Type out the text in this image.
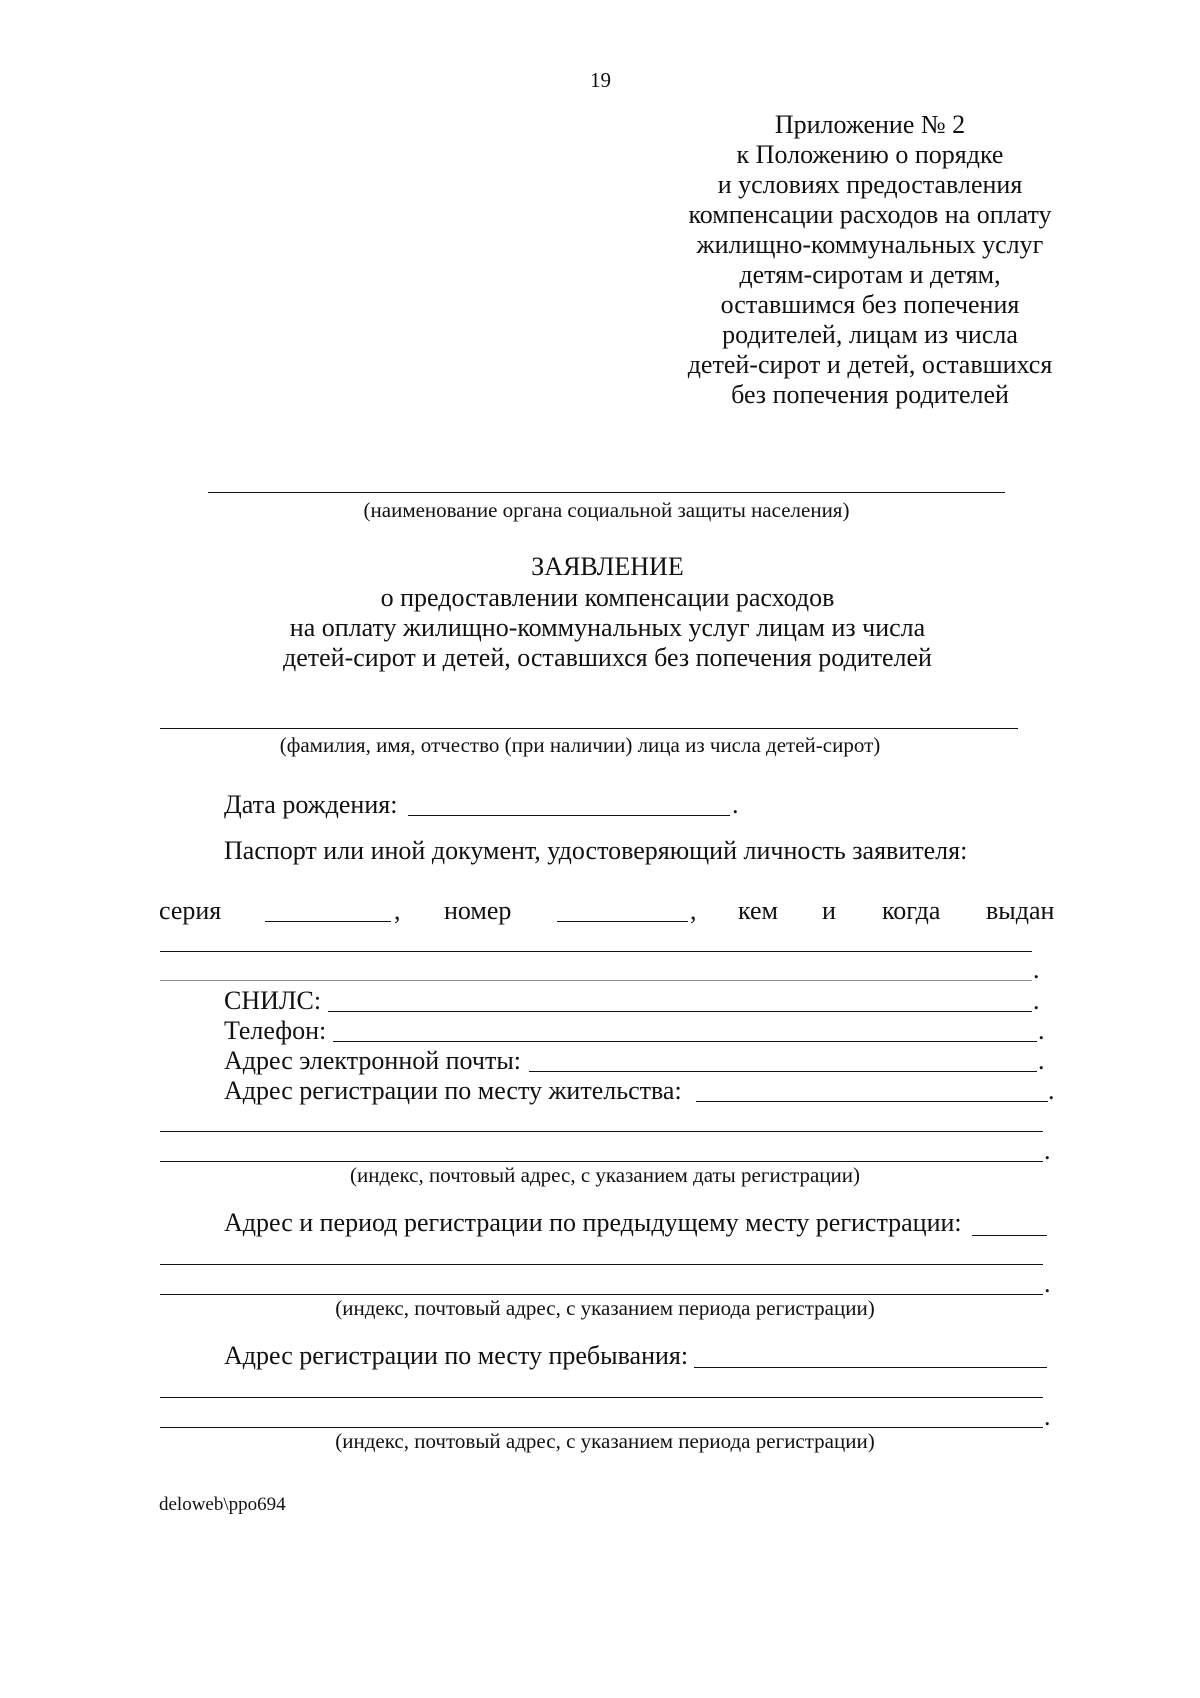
19
Приложение № 2
к Положению о порядке
и условиях предоставления
компенсации расходов на оплату
жилищно-коммунальных услуг
детям-сиротам и детям,
оставшимся без попечения
родителей, лицам из числа
детей-сирот и детей, оставшихся
без попечения родителей
(наименование органа социальной защиты населения)
ЗАЯВЛЕНИЕ
о предоставлении компенсации расходов
на оплату жилищно-коммунальных услуг лицам из числа
детей-сирот и детей, оставшихся без попечения родителей
(фамилия, имя, отчество (при наличии) лица из числа детей-сирот)
Дата рождения:	.
Паспорт или иной документ, удостоверяющий личность заявителя:
серия	, номер	, кем и когда выдан
.
СНИЛС:	.
Телефон:	.
Адрес электронной почты:	.
Адрес регистрации по месту жительства:	.
.
(индекс, почтовый адрес, с указанием даты регистрации)
Адрес и период регистрации по предыдущему месту регистрации:
.
(индекс, почтовый адрес, с указанием периода регистрации)
Адрес регистрации по месту пребывания:
.
(индекс, почтовый адрес, с указанием периода регистрации)
deloweb\ppo694
